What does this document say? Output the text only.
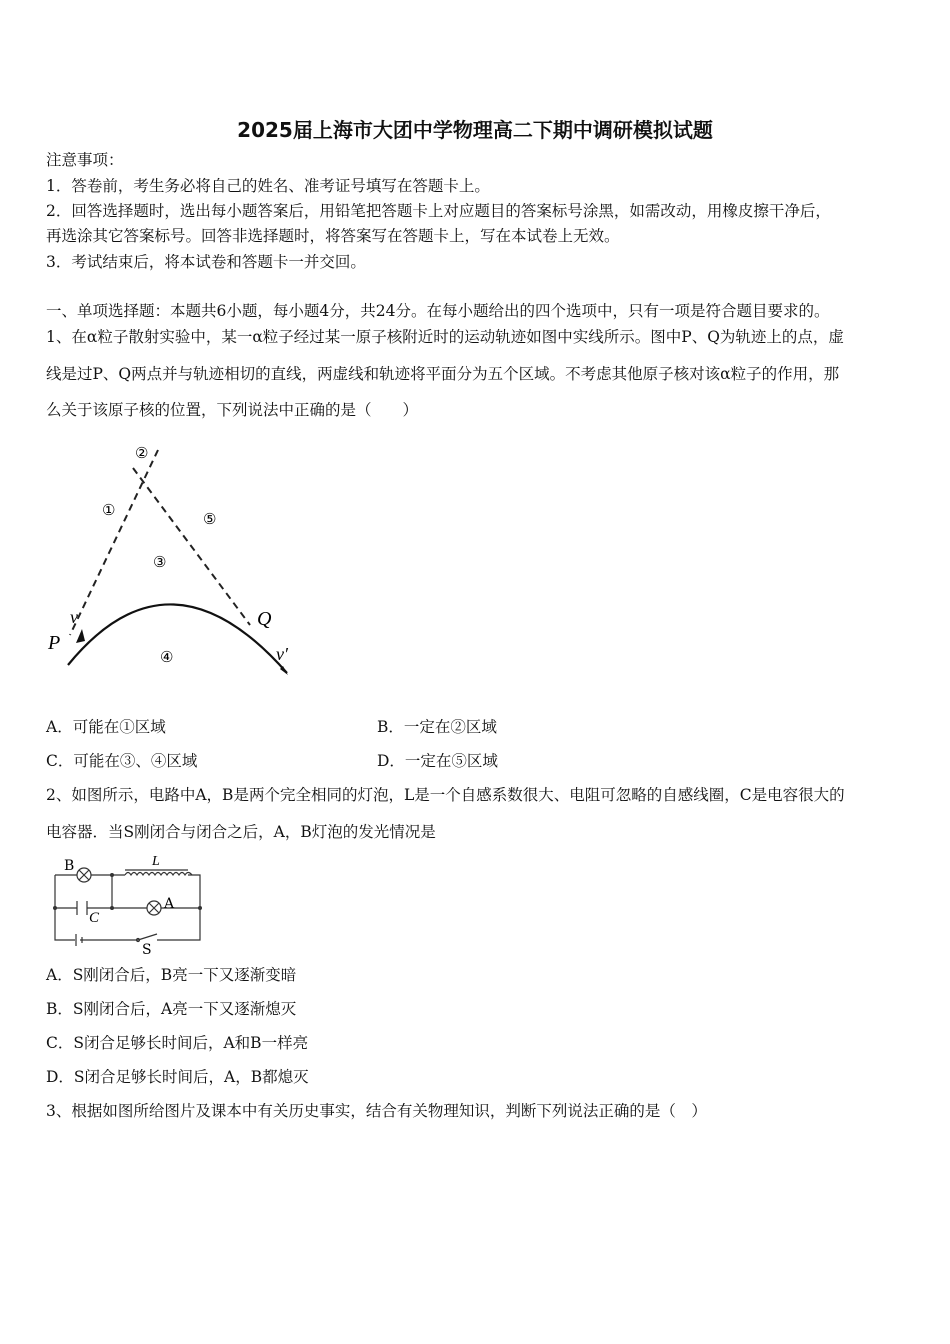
2025届上海市大团中学物理高二下期中调研模拟试题
注意事项：
1．答卷前，考生务必将自己的姓名、准考证号填写在答题卡上。
2．回答选择题时，选出每小题答案后，用铅笔把答题卡上对应题目的答案标号涂黑，如需改动，用橡皮擦干净后，
再选涂其它答案标号。回答非选择题时，将答案写在答题卡上，写在本试卷上无效。
3．考试结束后，将本试卷和答题卡一并交回。
一、单项选择题：本题共6小题，每小题4分，共24分。在每小题给出的四个选项中，只有一项是符合题目要求的。
1、在α粒子散射实验中，某一α粒子经过某一原子核附近时的运动轨迹如图中实线所示。图中P、Q为轨迹上的点，虚
线是过P、Q两点并与轨迹相切的直线，两虚线和轨迹将平面分为五个区域。不考虑其他原子核对该α粒子的作用，那
么关于该原子核的位置，下列说法中正确的是（　　）
②
①	⑤
③
④
P
Q
v
v′
A．可能在①区域	B．一定在②区域
C．可能在③、④区域	D．一定在⑤区域
2、如图所示，电路中A，B是两个完全相同的灯泡，L是一个自感系数很大、电阻可忽略的自感线圈，C是电容很大的
电容器．当S刚闭合与闭合之后，A，B灯泡的发光情况是
B	L
A
C
S
A．S刚闭合后，B亮一下又逐渐变暗
B．S刚闭合后，A亮一下又逐渐熄灭
C．S闭合足够长时间后，A和B一样亮
D．S闭合足够长时间后，A，B都熄灭
3、根据如图所给图片及课本中有关历史事实，结合有关物理知识，判断下列说法正确的是（　）
